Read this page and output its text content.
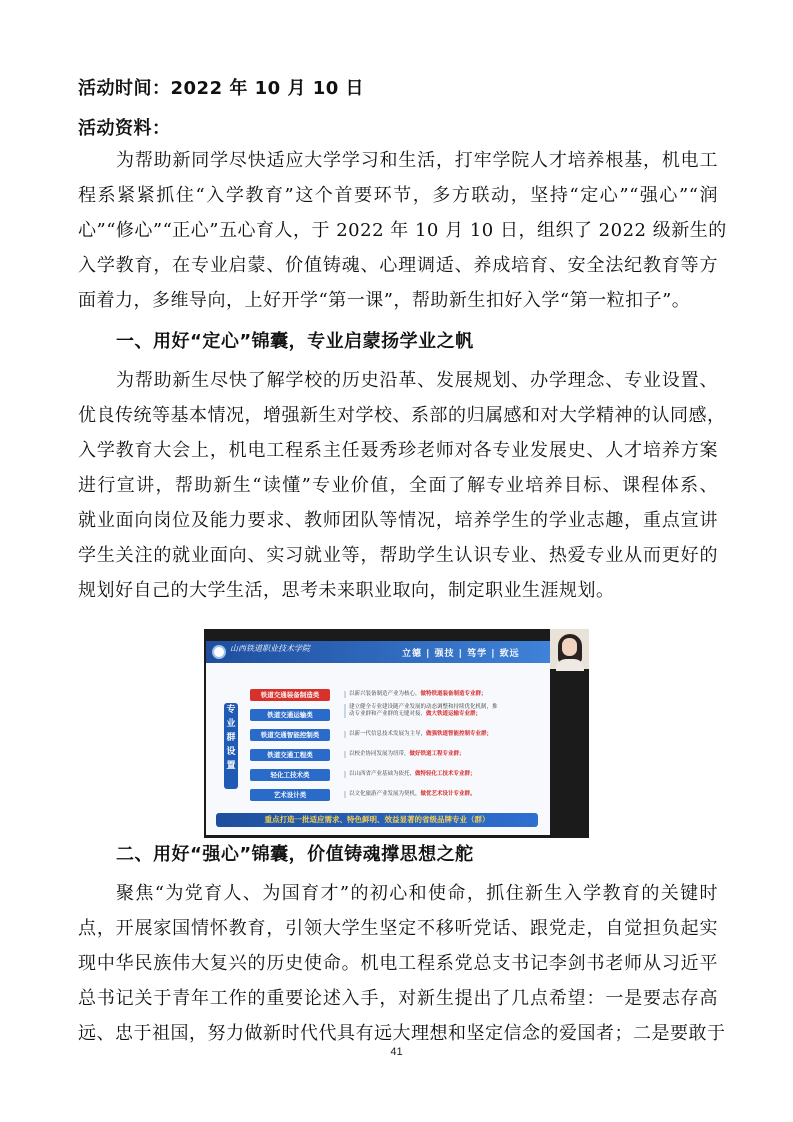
活动时间：2022 年 10 月 10 日
活动资料：
为帮助新同学尽快适应大学学习和生活，打牢学院人才培养根基，机电工
程系紧紧抓住“入学教育”这个首要环节，多方联动，坚持“定心”“强心”“润
心”“修心”“正心”五心育人，于 2022 年 10 月 10 日，组织了 2022 级新生的
入学教育，在专业启蒙、价值铸魂、心理调适、养成培育、安全法纪教育等方
面着力，多维导向，上好开学“第一课”，帮助新生扣好入学“第一粒扣子”。
一、用好“定心”锦囊，专业启蒙扬学业之帆
为帮助新生尽快了解学校的历史沿革、发展规划、办学理念、专业设置、
优良传统等基本情况，增强新生对学校、系部的归属感和对大学精神的认同感，
入学教育大会上，机电工程系主任聂秀珍老师对各专业发展史、人才培养方案
进行宣讲，帮助新生“读懂”专业价值，全面了解专业培养目标、课程体系、
就业面向岗位及能力要求、教师团队等情况，培养学生的学业志趣，重点宣讲
学生关注的就业面向、实习就业等，帮助学生认识专业、热爱专业从而更好的
规划好自己的大学生活，思考未来职业取向，制定职业生涯规划。
山西铁道职业技术学院
立德 | 强技 | 笃学 | 致远
专
业
群
设
置
铁道交通装备制造类
铁道交通运输类
铁道交通智能控制类
铁道交通工程类
轻化工技术类
艺术设计类
以新兴装备制造产业为核心，做特铁道装备制造专业群；
建立健全专业建设随产业发展的动态调整和持续优化机制，推动专业群和产业群的无缝对接，做大铁道运输专业群；
以新一代信息技术发展为主导，做强铁道智能控制专业群；
以校企协同发展为纽带，做好铁道工程专业群；
以山西省产业基础为依托，做特轻化工技术专业群；
以文化旅游产业发展为契机，做优艺术设计专业群。
重点打造一批适应需求、特色鲜明、效益显著的省级品牌专业（群）
二、用好“强心”锦囊，价值铸魂撑思想之舵
聚焦“为党育人、为国育才”的初心和使命，抓住新生入学教育的关键时
点，开展家国情怀教育，引领大学生坚定不移听党话、跟党走，自觉担负起实
现中华民族伟大复兴的历史使命。机电工程系党总支书记李剑书老师从习近平
总书记关于青年工作的重要论述入手，对新生提出了几点希望：一是要志存高
远、忠于祖国，努力做新时代代具有远大理想和坚定信念的爱国者；二是要敢于
41
